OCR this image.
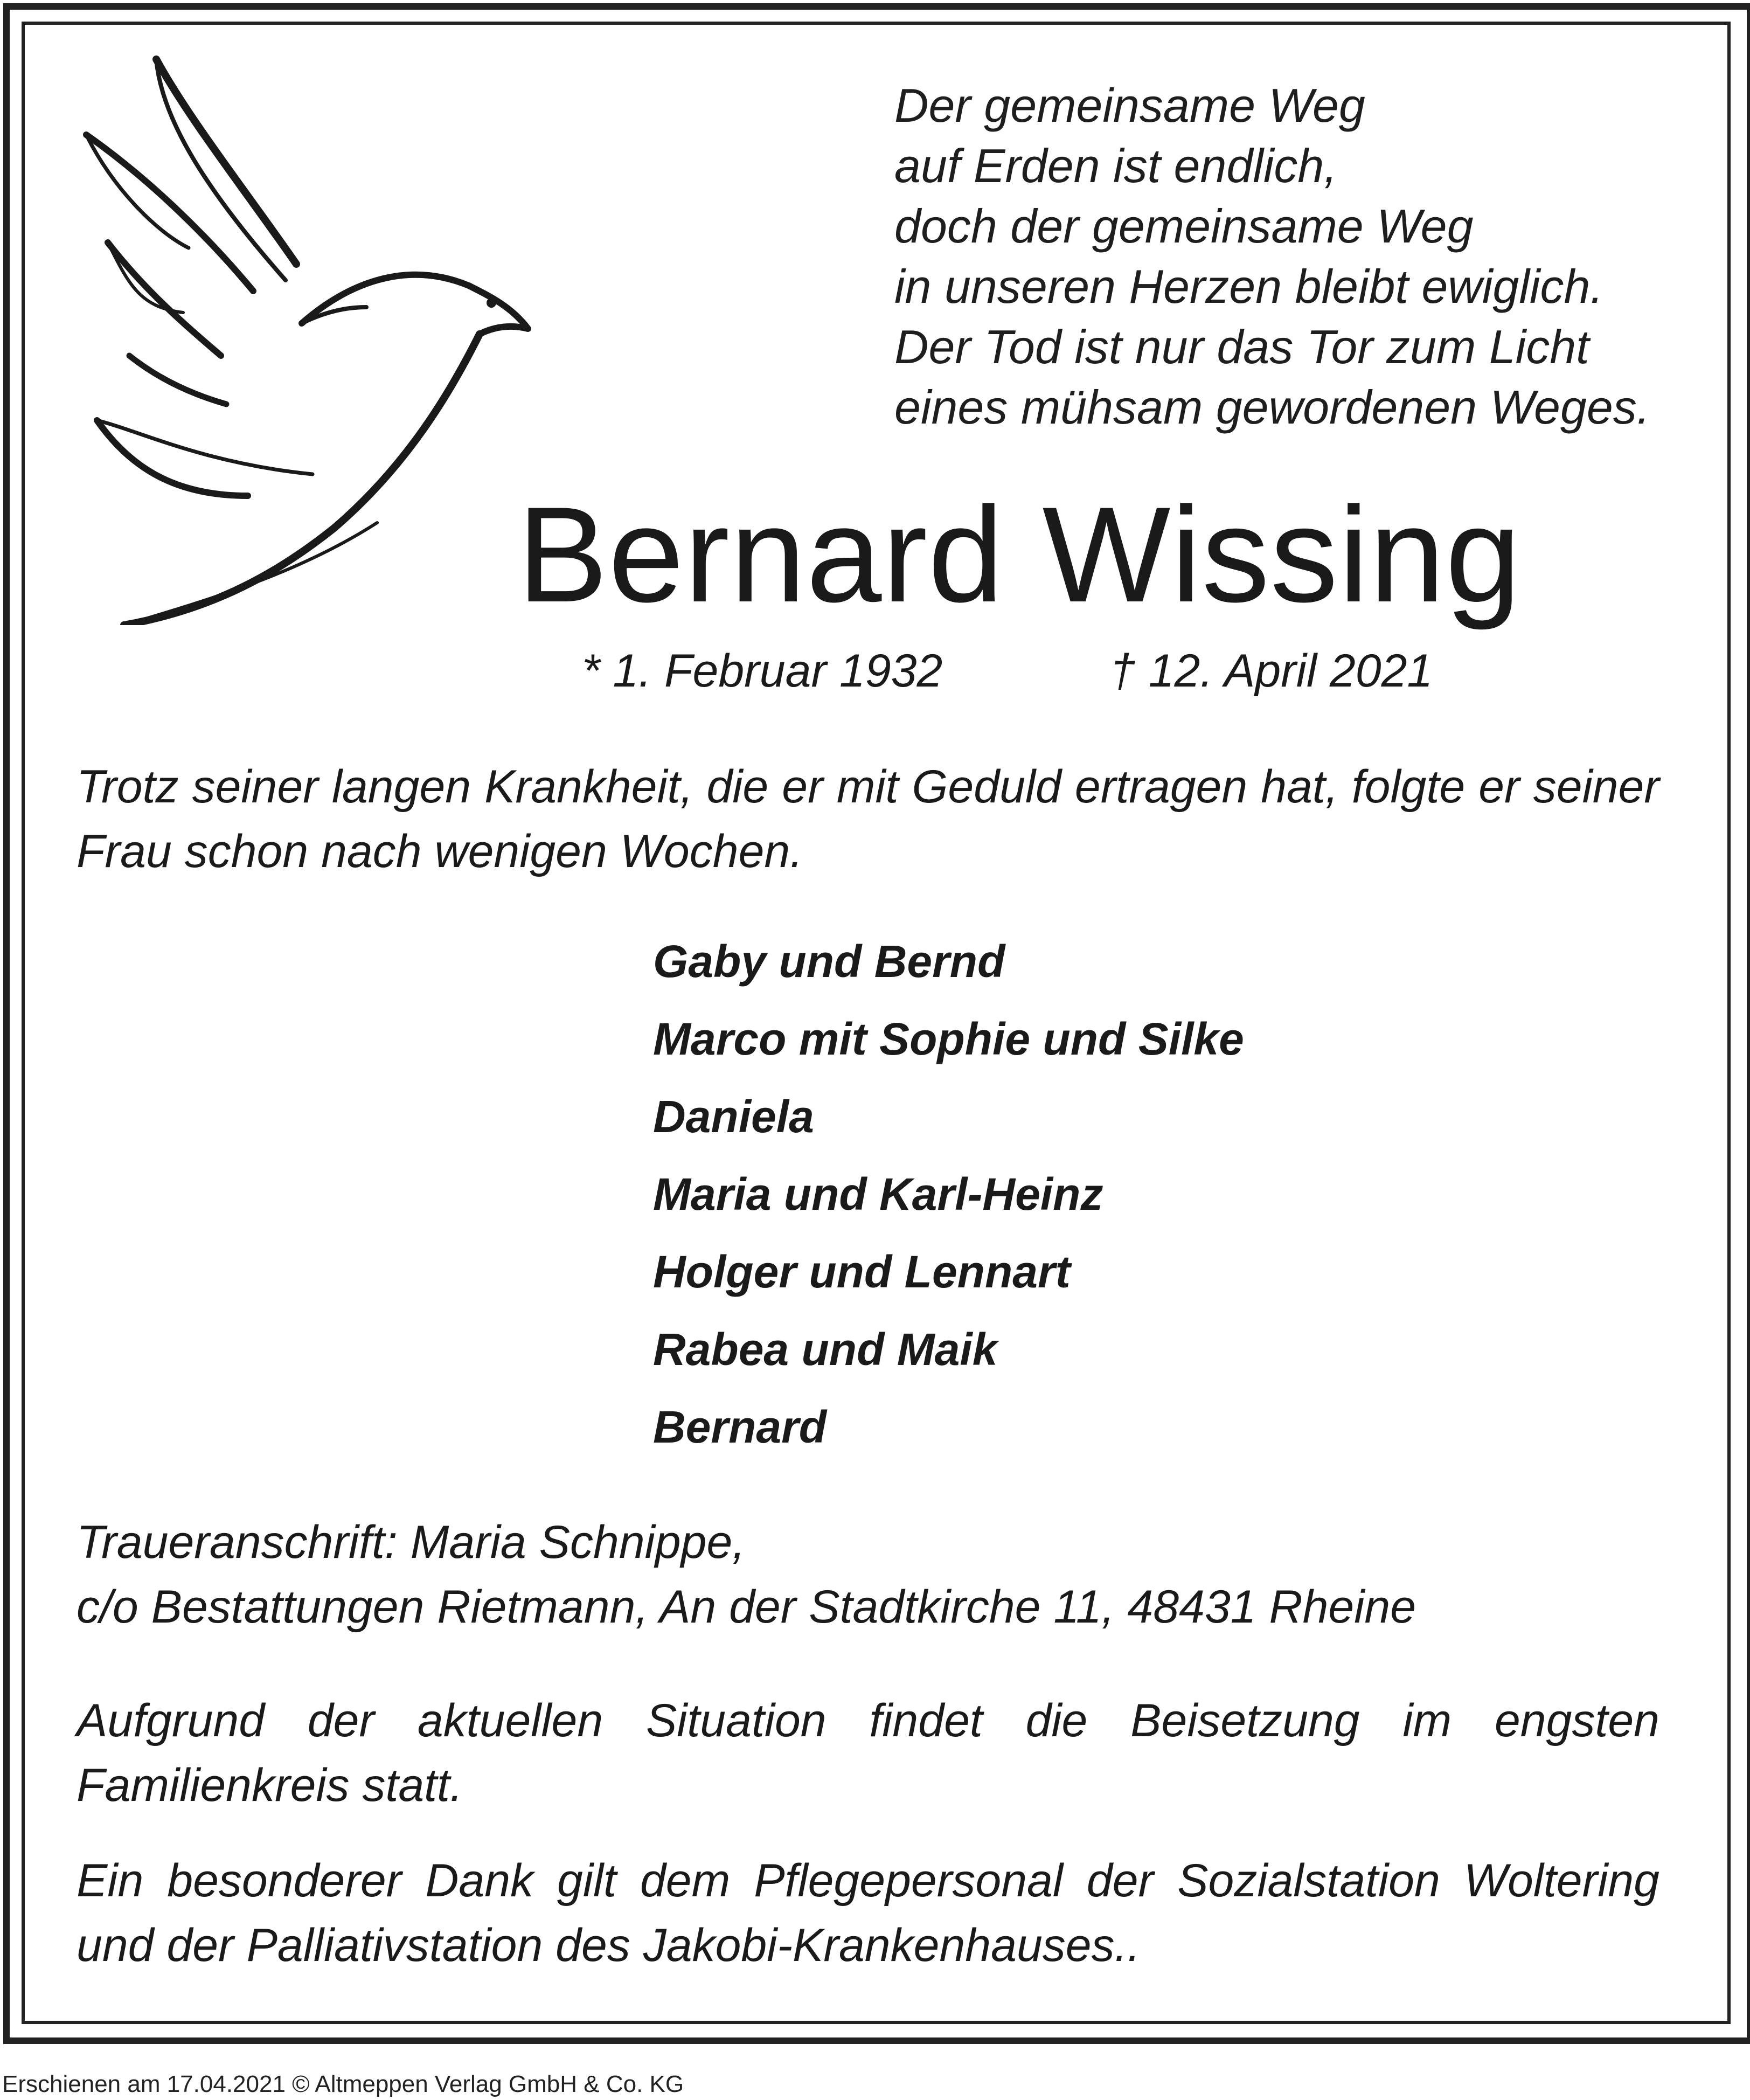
Der gemeinsame Weg
auf Erden ist endlich,
doch der gemeinsame Weg
in unseren Herzen bleibt ewiglich.
Der Tod ist nur das Tor zum Licht
eines mühsam gewordenen Weges.
Bernard Wissing
* 1. Februar 1932	† 12. April 2021
Trotz seiner langen Krankheit, die er mit Geduld ertragen hat, folgte er seiner Frau schon nach wenigen Wochen.
Gaby und Bernd
Marco mit Sophie und Silke
Daniela
Maria und Karl-Heinz
Holger und Lennart
Rabea und Maik
Bernard
Traueranschrift: Maria Schnippe,
c/o Bestattungen Rietmann, An der Stadtkirche 11, 48431 Rheine
Aufgrund der aktuellen Situation findet die Beisetzung im engsten Familienkreis statt.
Ein besonderer Dank gilt dem Pflegepersonal der Sozialstation Woltering und der Palliativstation des Jakobi-Krankenhauses..
Erschienen am 17.04.2021 © Altmeppen Verlag GmbH & Co. KG
